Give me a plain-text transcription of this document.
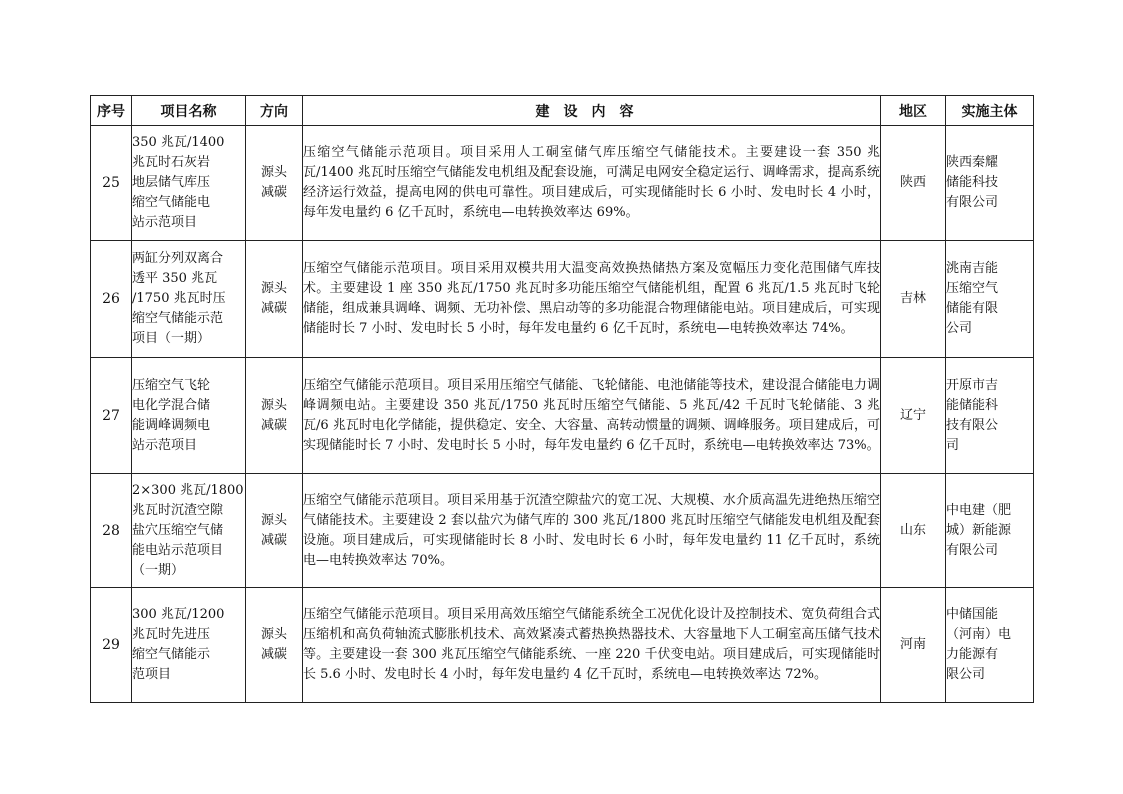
序号	项目名称	方向	建设内容	地区	实施主体
25	350 兆瓦/1400
兆瓦时石灰岩
地层储气库压
缩空气储能电
站示范项目	源头
减碳	压缩空气储能示范项目。项目采用人工硐室储气库压缩空气储能技术。主要建设一套 350 兆瓦/1400 兆瓦时压缩空气储能发电机组及配套设施，可满足电网安全稳定运行、调峰需求，提高系统经济运行效益，提高电网的供电可靠性。项目建成后，可实现储能时长 6 小时、发电时长 4 小时，每年发电量约 6 亿千瓦时，系统电—电转换效率达 69%。	陕西	陕西秦耀
储能科技
有限公司

26	两缸分列双离合
透平 350 兆瓦
/1750 兆瓦时压
缩空气储能示范
项目（一期）	源头
减碳	压缩空气储能示范项目。项目采用双模共用大温变高效换热储热方案及宽幅压力变化范围储气库技术。主要建设 1 座 350 兆瓦/1750 兆瓦时多功能压缩空气储能机组，配置 6 兆瓦/1.5 兆瓦时飞轮储能，组成兼具调峰、调频、无功补偿、黑启动等的多功能混合物理储能电站。项目建成后，可实现储能时长 7 小时、发电时长 5 小时，每年发电量约 6 亿千瓦时，系统电—电转换效率达 74%。	吉林	洮南吉能
压缩空气
储能有限
公司

27	压缩空气飞轮
电化学混合储
能调峰调频电
站示范项目	源头
减碳	压缩空气储能示范项目。项目采用压缩空气储能、飞轮储能、电池储能等技术，建设混合储能电力调峰调频电站。主要建设 350 兆瓦/1750 兆瓦时压缩空气储能、5 兆瓦/42 千瓦时飞轮储能、3 兆瓦/6 兆瓦时电化学储能，提供稳定、安全、大容量、高转动惯量的调频、调峰服务。项目建成后，可实现储能时长 7 小时、发电时长 5 小时，每年发电量约 6 亿千瓦时，系统电—电转换效率达 73%。	辽宁	开原市吉
能储能科
技有限公
司

28	2×300 兆瓦/1800
兆瓦时沉渣空隙
盐穴压缩空气储
能电站示范项目
（一期）	源头
减碳	压缩空气储能示范项目。项目采用基于沉渣空隙盐穴的宽工况、大规模、水介质高温先进绝热压缩空气储能技术。主要建设 2 套以盐穴为储气库的 300 兆瓦/1800 兆瓦时压缩空气储能发电机组及配套设施。项目建成后，可实现储能时长 8 小时、发电时长 6 小时，每年发电量约 11 亿千瓦时，系统电—电转换效率达 70%。	山东	中电建（肥
城）新能源
有限公司

29	300 兆瓦/1200
兆瓦时先进压
缩空气储能示
范项目	源头
减碳	压缩空气储能示范项目。项目采用高效压缩空气储能系统全工况优化设计及控制技术、宽负荷组合式压缩机和高负荷轴流式膨胀机技术、高效紧凑式蓄热换热器技术、大容量地下人工硐室高压储气技术等。主要建设一套 300 兆瓦压缩空气储能系统、一座 220 千伏变电站。项目建成后，可实现储能时长 5.6 小时、发电时长 4 小时，每年发电量约 4 亿千瓦时，系统电—电转换效率达 72%。	河南	中储国能
（河南）电
力能源有
限公司
